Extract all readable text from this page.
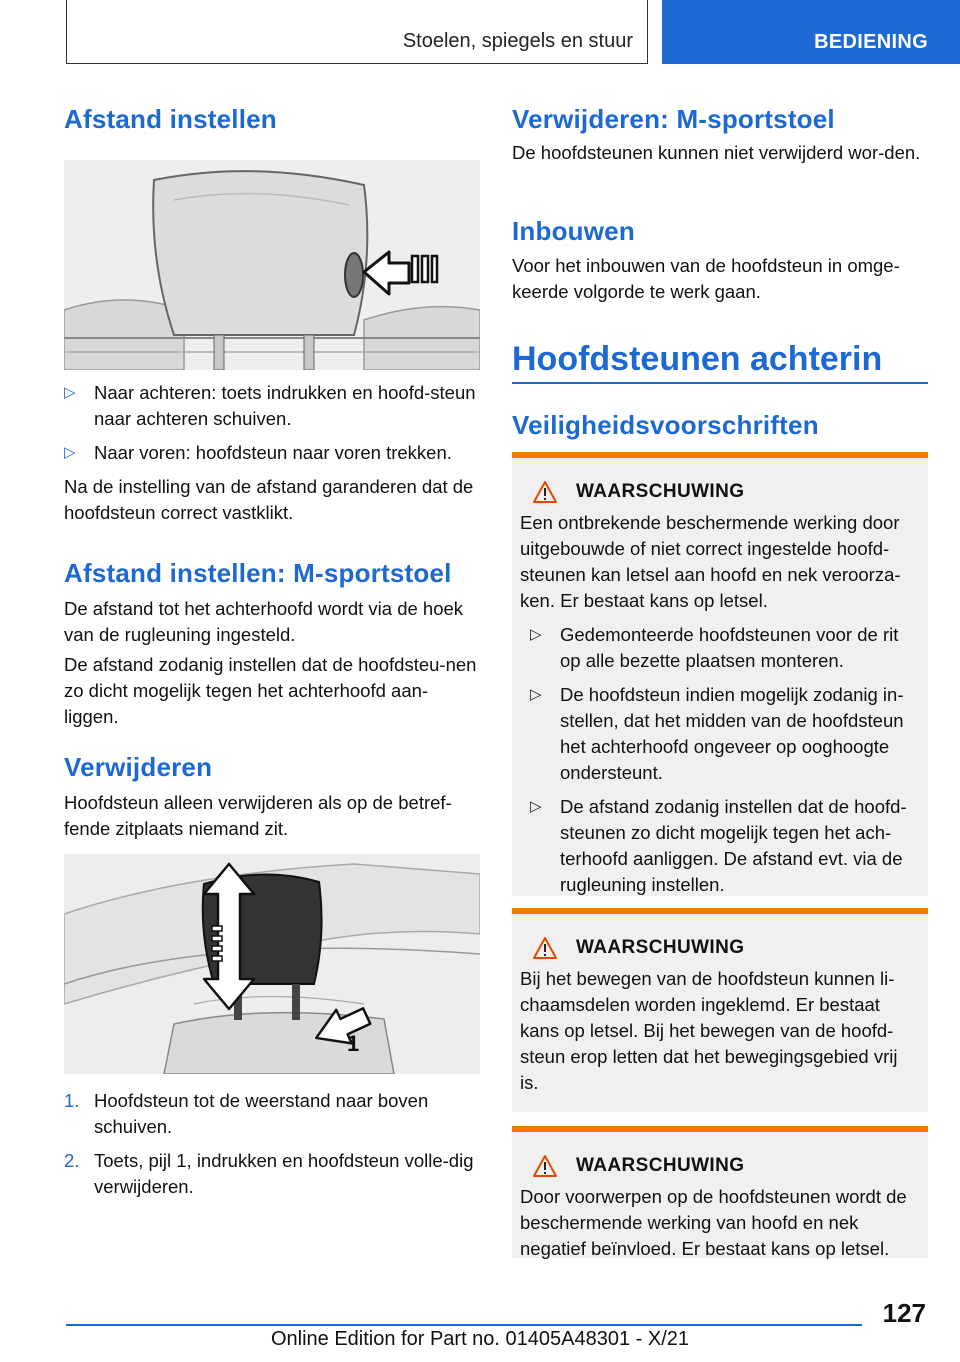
Stoelen, spiegels en stuur	BEDIENING
Afstand instellen
▷ Naar achteren: toets indrukken en hoofd-steun naar achteren schuiven.
▷ Naar voren: hoofdsteun naar voren trekken.

Na de instelling van de afstand garanderen dat de hoofdsteun correct vastklikt.

Afstand instellen: M-sportstoel

De afstand tot het achterhoofd wordt via de hoek van de rugleuning ingesteld.

De afstand zodanig instellen dat de hoofdsteu-nen zo dicht mogelijk tegen het achterhoofd aan-liggen.

Verwijderen

Hoofdsteun alleen verwijderen als op de betref-fende zitplaats niemand zit.

1
1. Hoofdsteun tot de weerstand naar boven schuiven.
2. Toets, pijl 1, indrukken en hoofdsteun volle-dig verwijderen.
Verwijderen: M-sportstoel

De hoofdsteunen kunnen niet verwijderd wor-den.

Inbouwen

Voor het inbouwen van de hoofdsteun in omge-keerde volgorde te werk gaan.

Hoofdsteunen achterin
Veiligheidsvoorschriften
WAARSCHUWING

Een ontbrekende beschermende werking door uitgebouwde of niet correct ingestelde hoofd-steunen kan letsel aan hoofd en nek veroorza-ken. Er bestaat kans op letsel.

▷ Gedemonteerde hoofdsteunen voor de rit op alle bezette plaatsen monteren.
▷ De hoofdsteun indien mogelijk zodanig in-stellen, dat het midden van de hoofdsteun het achterhoofd ongeveer op ooghoogte ondersteunt.
▷ De afstand zodanig instellen dat de hoofd-steunen zo dicht mogelijk tegen het ach-terhoofd aanliggen. De afstand evt. via de rugleuning instellen.
WAARSCHUWING

Bij het bewegen van de hoofdsteun kunnen li-chaamsdelen worden ingeklemd. Er bestaat kans op letsel. Bij het bewegen van de hoofd-steun erop letten dat het bewegingsgebied vrij is.

WAARSCHUWING

Door voorwerpen op de hoofdsteunen wordt de beschermende werking van hoofd en nek negatief beïnvloed. Er bestaat kans op letsel.

127
Online Edition for Part no. 01405A48301 - X/21
